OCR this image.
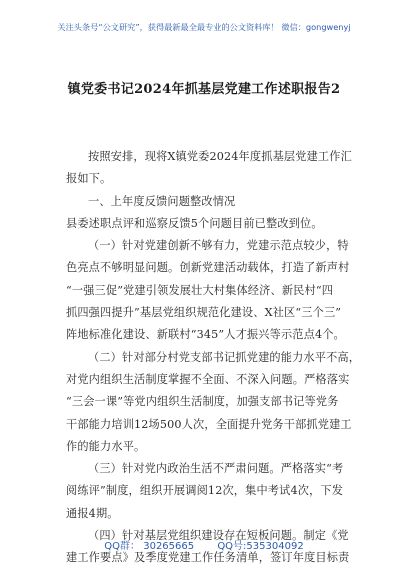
关注头条号“公文研究”，获得最新最全最专业的公文资料库！ 微信：gongwenyj
镇党委书记2024年抓基层党建工作述职报告2
按照安排，现将X镇党委2024年度抓基层党建工作汇
报如下。
一、上年度反馈问题整改情况
县委述职点评和巡察反馈5个问题目前已整改到位。
（一）针对党建创新不够有力，党建示范点较少，特
色亮点不够明显问题。创新党建活动载体，打造了新声村
“一强三促”党建引领发展壮大村集体经济、新民村“四
抓四强四提升”基层党组织规范化建设、X社区“三个三”
阵地标准化建设、新联村“345”人才振兴等示范点4个。
（二）针对部分村党支部书记抓党建的能力水平不高，
对党内组织生活制度掌握不全面、不深入问题。严格落实
“三会一课”等党内组织生活制度，加强支部书记等党务
干部能力培训12场500人次，全面提升党务干部抓党建工
作的能力水平。
（三）针对党内政治生活不严肃问题。严格落实“考
阅练评”制度，组织开展调阅12次，集中考试4次，下发
通报4期。
（四）针对基层党组织建设存在短板问题。制定《党
建工作要点》及季度党建工作任务清单，签订年度目标责
QQ群： 30265665 QQ号:535304092
